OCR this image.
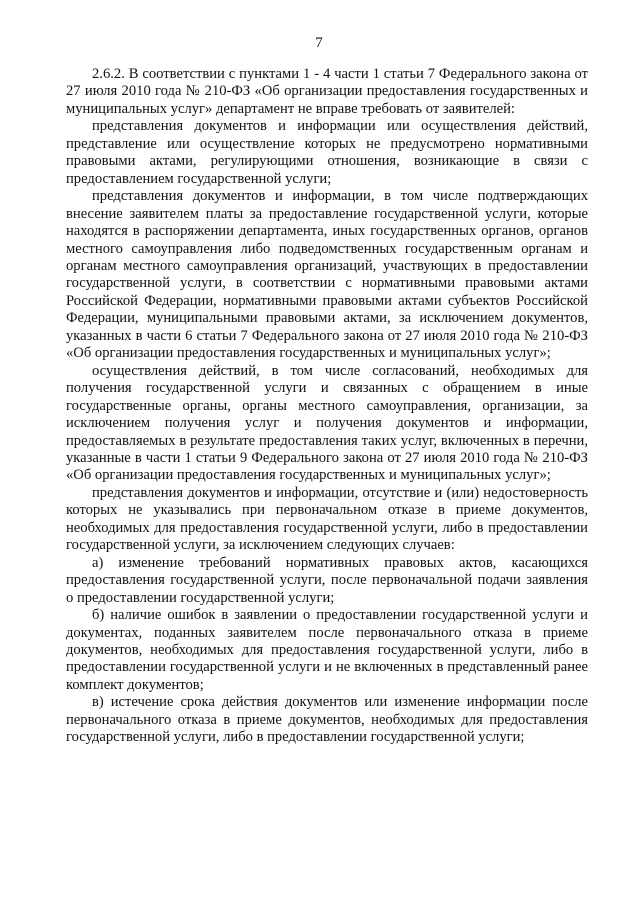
7

2.6.2. В соответствии с пунктами 1 - 4 части 1 статьи 7 Федерального закона от 27 июля 2010 года № 210-ФЗ «Об организации предоставления государственных и муниципальных услуг» департамент не вправе требовать от заявителей:

представления документов и информации или осуществления действий, представление или осуществление которых не предусмотрено нормативными правовыми актами, регулирующими отношения, возникающие в связи с предоставлением государственной услуги;

представления документов и информации, в том числе подтверждающих внесение заявителем платы за предоставление государственной услуги, которые находятся в распоряжении департамента, иных государственных органов, органов местного самоуправления либо подведомственных государственным органам и органам местного самоуправления организаций, участвующих в предоставлении государственной услуги, в соответствии с нормативными правовыми актами Российской Федерации, нормативными правовыми актами субъектов Российской Федерации, муниципальными правовыми актами, за исключением документов, указанных в части 6 статьи 7 Федерального закона от 27 июля 2010 года № 210-ФЗ «Об организации предоставления государственных и муниципальных услуг»;

осуществления действий, в том числе согласований, необходимых для получения государственной услуги и связанных с обращением в иные государственные органы, органы местного самоуправления, организации, за исключением получения услуг и получения документов и информации, предоставляемых в результате предоставления таких услуг, включенных в перечни, указанные в части 1 статьи 9 Федерального закона от 27 июля 2010 года № 210-ФЗ «Об организации предоставления государственных и муниципальных услуг»;

представления документов и информации, отсутствие и (или) недостоверность которых не указывались при первоначальном отказе в приеме документов, необходимых для предоставления государственной услуги, либо в предоставлении государственной услуги, за исключением следующих случаев:

а) изменение требований нормативных правовых актов, касающихся предоставления государственной услуги, после первоначальной подачи заявления о предоставлении государственной услуги;

б) наличие ошибок в заявлении о предоставлении государственной услуги и документах, поданных заявителем после первоначального отказа в приеме документов, необходимых для предоставления государственной услуги, либо в предоставлении государственной услуги и не включенных в представленный ранее комплект документов;

в) истечение срока действия документов или изменение информации после первоначального отказа в приеме документов, необходимых для предоставления государственной услуги, либо в предоставлении государственной услуги;
